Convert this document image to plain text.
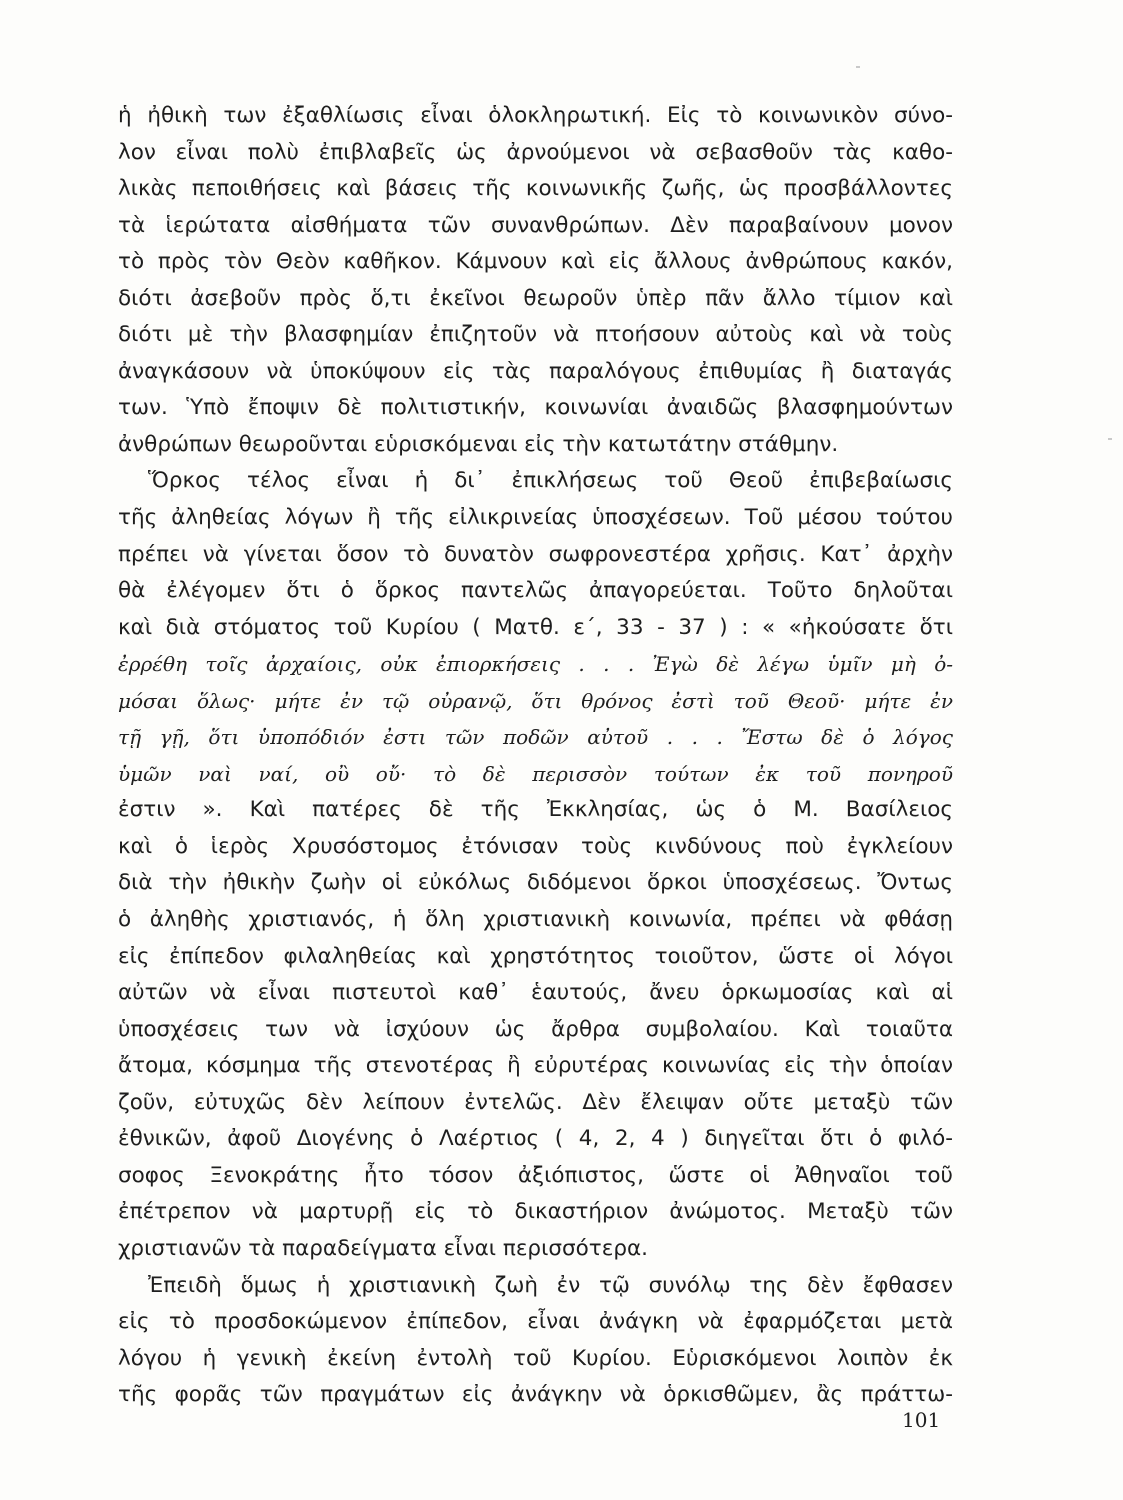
ἡ ἠθικὴ των ἐξαθλίωσις εἶναι ὁλοκληρωτική. Εἰς τὸ κοινωνικὸν σύνο-
λον εἶναι πολὺ ἐπιβλαβεῖς ὡς ἀρνούμενοι νὰ σεβασθοῦν τὰς καθο-
λικὰς πεποιθήσεις καὶ βάσεις τῆς κοινωνικῆς ζωῆς, ὡς προσβάλλοντες
τὰ ἱερώτατα αἰσθήματα τῶν συνανθρώπων. Δὲν παραβαίνουν μονον
τὸ πρὸς τὸν Θεὸν καθῆκον. Κάμνουν καὶ εἰς ἄλλους ἀνθρώπους κακόν,
διότι ἀσεβοῦν πρὸς ὅ,τι ἐκεῖνοι θεωροῦν ὑπὲρ πᾶν ἄλλο τίμιον καὶ
διότι μὲ τὴν βλασφημίαν ἐπιζητοῦν νὰ πτοήσουν αὐτοὺς καὶ νὰ τοὺς
ἀναγκάσουν νὰ ὑποκύψουν εἰς τὰς παραλόγους ἐπιθυμίας ἢ διαταγάς
των. Ὑπὸ ἔποψιν δὲ πολιτιστικήν, κοινωνίαι ἀναιδῶς βλασφημούντων
ἀνθρώπων θεωροῦνται εὑρισκόμεναι εἰς τὴν κατωτάτην στάθμην.
Ὅρκος τέλος εἶναι ἡ δι᾿ ἐπικλήσεως τοῦ Θεοῦ ἐπιβεβαίωσις
τῆς ἀληθείας λόγων ἢ τῆς εἰλικρινείας ὑποσχέσεων. Τοῦ μέσου τούτου
πρέπει νὰ γίνεται ὅσον τὸ δυνατὸν σωφρονεστέρα χρῆσις. Κατ᾿ ἀρχὴν
θὰ ἐλέγομεν ὅτι ὁ ὅρκος παντελῶς ἀπαγορεύεται. Τοῦτο δηλοῦται
καὶ διὰ στόματος τοῦ Κυρίου ( Ματθ. ε΄, 33 - 37 ) : « «ἠκούσατε ὅτι
ἐρρέθη τοῖς ἀρχαίοις, οὐκ ἐπιορκήσεις . . . Ἐγὼ δὲ λέγω ὑμῖν μὴ ὀ-
μόσαι ὅλως· μήτε ἐν τῷ οὐρανῷ, ὅτι θρόνος ἐστὶ τοῦ Θεοῦ· μήτε ἐν
τῇ γῇ, ὅτι ὑποπόδιόν ἐστι τῶν ποδῶν αὐτοῦ . . . Ἔστω δὲ ὁ λόγος
ὑμῶν ναὶ ναί, οὒ οὔ· τὸ δὲ περισσὸν τούτων ἐκ τοῦ πονηροῦ
ἐστιν ». Καὶ πατέρες δὲ τῆς Ἐκκλησίας, ὡς ὁ Μ. Βασίλειος
καὶ ὁ ἱερὸς Χρυσόστομος ἐτόνισαν τοὺς κινδύνους ποὺ ἐγκλείουν
διὰ τὴν ἠθικὴν ζωὴν οἱ εὐκόλως διδόμενοι ὅρκοι ὑποσχέσεως. Ὄντως
ὁ ἀληθὴς χριστιανός, ἡ ὅλη χριστιανικὴ κοινωνία, πρέπει νὰ φθάσῃ
εἰς ἐπίπεδον φιλαληθείας καὶ χρηστότητος τοιοῦτον, ὥστε οἱ λόγοι
αὐτῶν νὰ εἶναι πιστευτοὶ καθ᾿ ἑαυτούς, ἄνευ ὁρκωμοσίας καὶ αἱ
ὑποσχέσεις των νὰ ἰσχύουν ὡς ἄρθρα συμβολαίου. Καὶ τοιαῦτα
ἄτομα, κόσμημα τῆς στενοτέρας ἢ εὐρυτέρας κοινωνίας εἰς τὴν ὁποίαν
ζοῦν, εὐτυχῶς δὲν λείπουν ἐντελῶς. Δὲν ἔλειψαν οὔτε μεταξὺ τῶν
ἐθνικῶν, ἀφοῦ Διογένης ὁ Λαέρτιος ( 4, 2, 4 ) διηγεῖται ὅτι ὁ φιλό-
σοφος Ξενοκράτης ἦτο τόσον ἀξιόπιστος, ὥστε οἱ Ἀθηναῖοι τοῦ
ἐπέτρεπον νὰ μαρτυρῇ εἰς τὸ δικαστήριον ἀνώμοτος. Μεταξὺ τῶν
χριστιανῶν τὰ παραδείγματα εἶναι περισσότερα.
Ἐπειδὴ ὅμως ἡ χριστιανικὴ ζωὴ ἐν τῷ συνόλῳ της δὲν ἔφθασεν
εἰς τὸ προσδοκώμενον ἐπίπεδον, εἶναι ἀνάγκη νὰ ἐφαρμόζεται μετὰ
λόγου ἡ γενικὴ ἐκείνη ἐντολὴ τοῦ Κυρίου. Εὑρισκόμενοι λοιπὸν ἐκ
τῆς φορᾶς τῶν πραγμάτων εἰς ἀνάγκην νὰ ὁρκισθῶμεν, ἂς πράττω-
101
